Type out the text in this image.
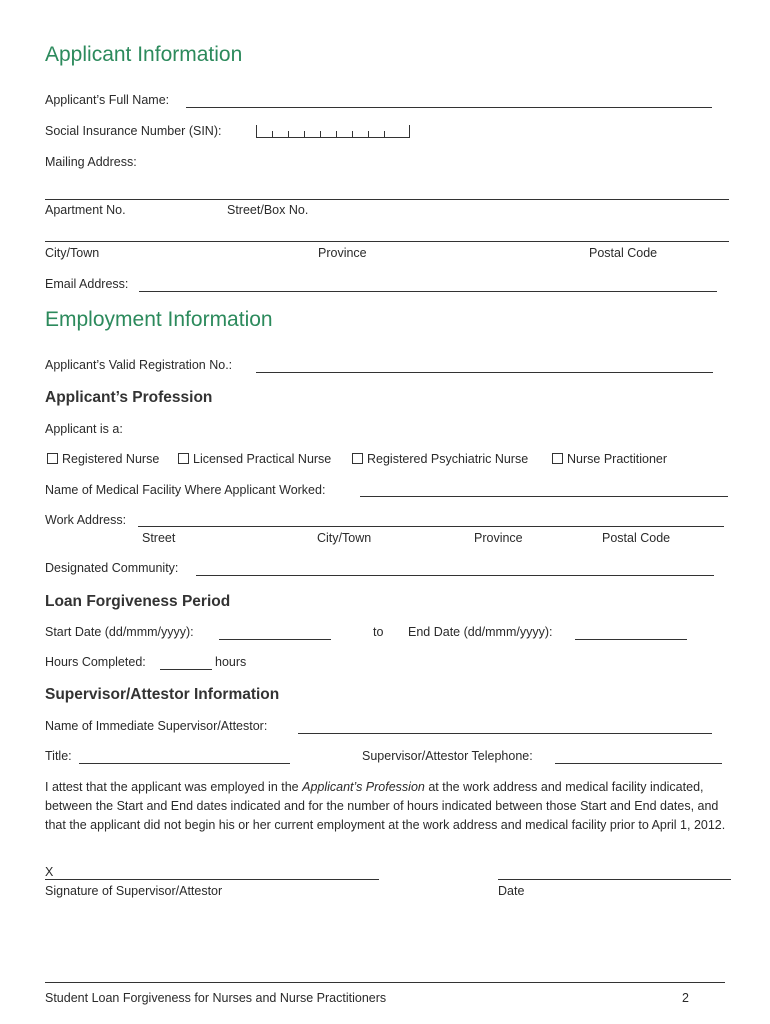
Applicant Information
Applicant’s Full Name:
Social Insurance Number (SIN):
Mailing Address:
Apartment No.	Street/Box No.
City/Town	Province	Postal Code
Email Address:
Employment Information
Applicant’s Valid Registration No.:
Applicant’s Profession
Applicant is a:
Registered Nurse	Licensed Practical Nurse	Registered Psychiatric Nurse	Nurse Practitioner
Name of Medical Facility Where Applicant Worked:
Work Address:
Street	City/Town	Province	Postal Code
Designated Community:
Loan Forgiveness Period
Start Date (dd/mmm/yyyy):	to End Date (dd/mmm/yyyy):
Hours Completed:	hours
Supervisor/Attestor Information
Name of Immediate Supervisor/Attestor:
Title:	Supervisor/Attestor Telephone:
I attest that the applicant was employed in the Applicant’s Profession at the work address and medical facility indicated, between the Start and End dates indicated and for the number of hours indicated between those Start and End dates, and that the applicant did not begin his or her current employment at the work address and medical facility prior to April 1, 2012.
X
Signature of Supervisor/Attestor	Date
Student Loan Forgiveness for Nurses and Nurse Practitioners	2
